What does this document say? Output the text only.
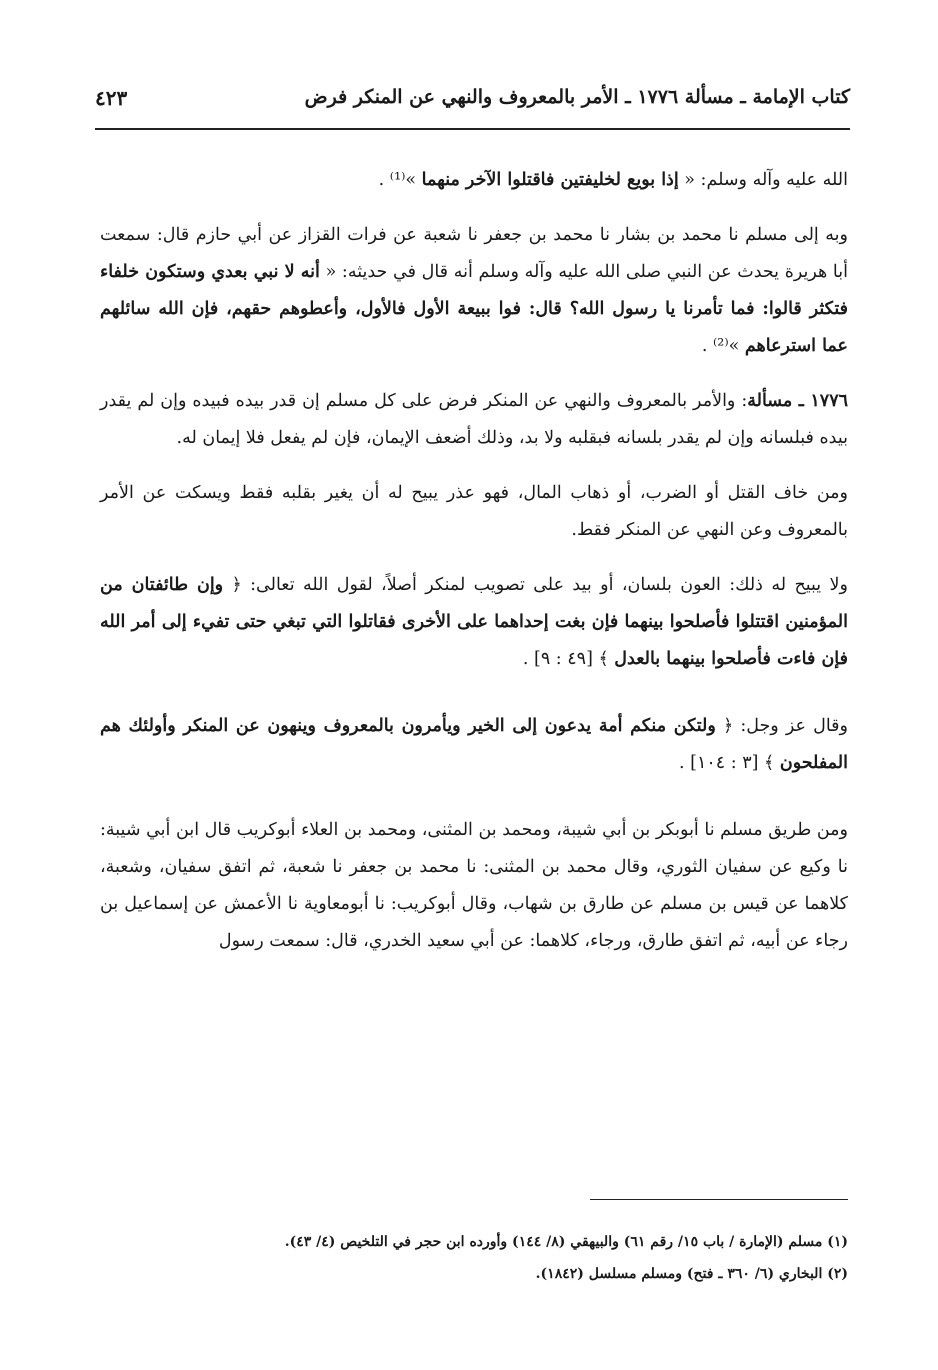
كتاب الإمامة ـ مسألة ١٧٧٦ ـ الأمر بالمعروف والنهي عن المنكر فرض
٤٢٣

الله عليه وآله وسلم: « إذا بويع لخليفتين فاقتلوا الآخر منهما »⁽¹⁾ .

وبه إلى مسلم نا محمد بن بشار نا محمد بن جعفر نا شعبة عن فرات القزاز عن أبي حازم قال: سمعت أبا هريرة يحدث عن النبي صلى الله عليه وآله وسلم أنه قال في حديثه: « أنه لا نبي بعدي وستكون خلفاء فتكثر قالوا: فما تأمرنا يا رسول الله؟ قال: فوا ببيعة الأول فالأول، وأعطوهم حقهم، فإن الله سائلهم عما استرعاهم »⁽²⁾ .

١٧٧٦ ـ مسألة: والأمر بالمعروف والنهي عن المنكر فرض على كل مسلم إن قدر بيده فبيده وإن لم يقدر بيده فبلسانه وإن لم يقدر بلسانه فبقلبه ولا بد، وذلك أضعف الإيمان، فإن لم يفعل فلا إيمان له.

ومن خاف القتل أو الضرب، أو ذهاب المال، فهو عذر يبيح له أن يغير بقلبه فقط ويسكت عن الأمر بالمعروف وعن النهي عن المنكر فقط.

ولا يبيح له ذلك: العون بلسان، أو بيد على تصويب لمنكر أصلاً، لقول الله تعالى: ﴿ وإن طائفتان من المؤمنين اقتتلوا فأصلحوا بينهما فإن بغت إحداهما على الأخرى فقاتلوا التي تبغي حتى تفيء إلى أمر الله فإن فاءت فأصلحوا بينهما بالعدل ﴾ [٤٩ : ٩] .

وقال عز وجل: ﴿ ولتكن منكم أمة يدعون إلى الخير ويأمرون بالمعروف وينهون عن المنكر وأولئك هم المفلحون ﴾ [٣ : ١٠٤] .

ومن طريق مسلم نا أبوبكر بن أبي شيبة، ومحمد بن المثنى، ومحمد بن العلاء أبوكريب قال ابن أبي شيبة: نا وكيع عن سفيان الثوري، وقال محمد بن المثنى: نا محمد بن جعفر نا شعبة، ثم اتفق سفيان، وشعبة، كلاهما عن قيس بن مسلم عن طارق بن شهاب، وقال أبوكريب: نا أبومعاوية نا الأعمش عن إسماعيل بن رجاء عن أبيه، ثم اتفق طارق، ورجاء، كلاهما: عن أبي سعيد الخدري، قال: سمعت رسول

(١) مسلم (الإمارة / باب ١٥/ رقم ٦١) والبيهقي (٨/ ١٤٤) وأورده ابن حجر في التلخيص (٤/ ٤٣).
(٢) البخاري (٦/ ٣٦٠ ـ فتح) ومسلم مسلسل (١٨٤٢).
